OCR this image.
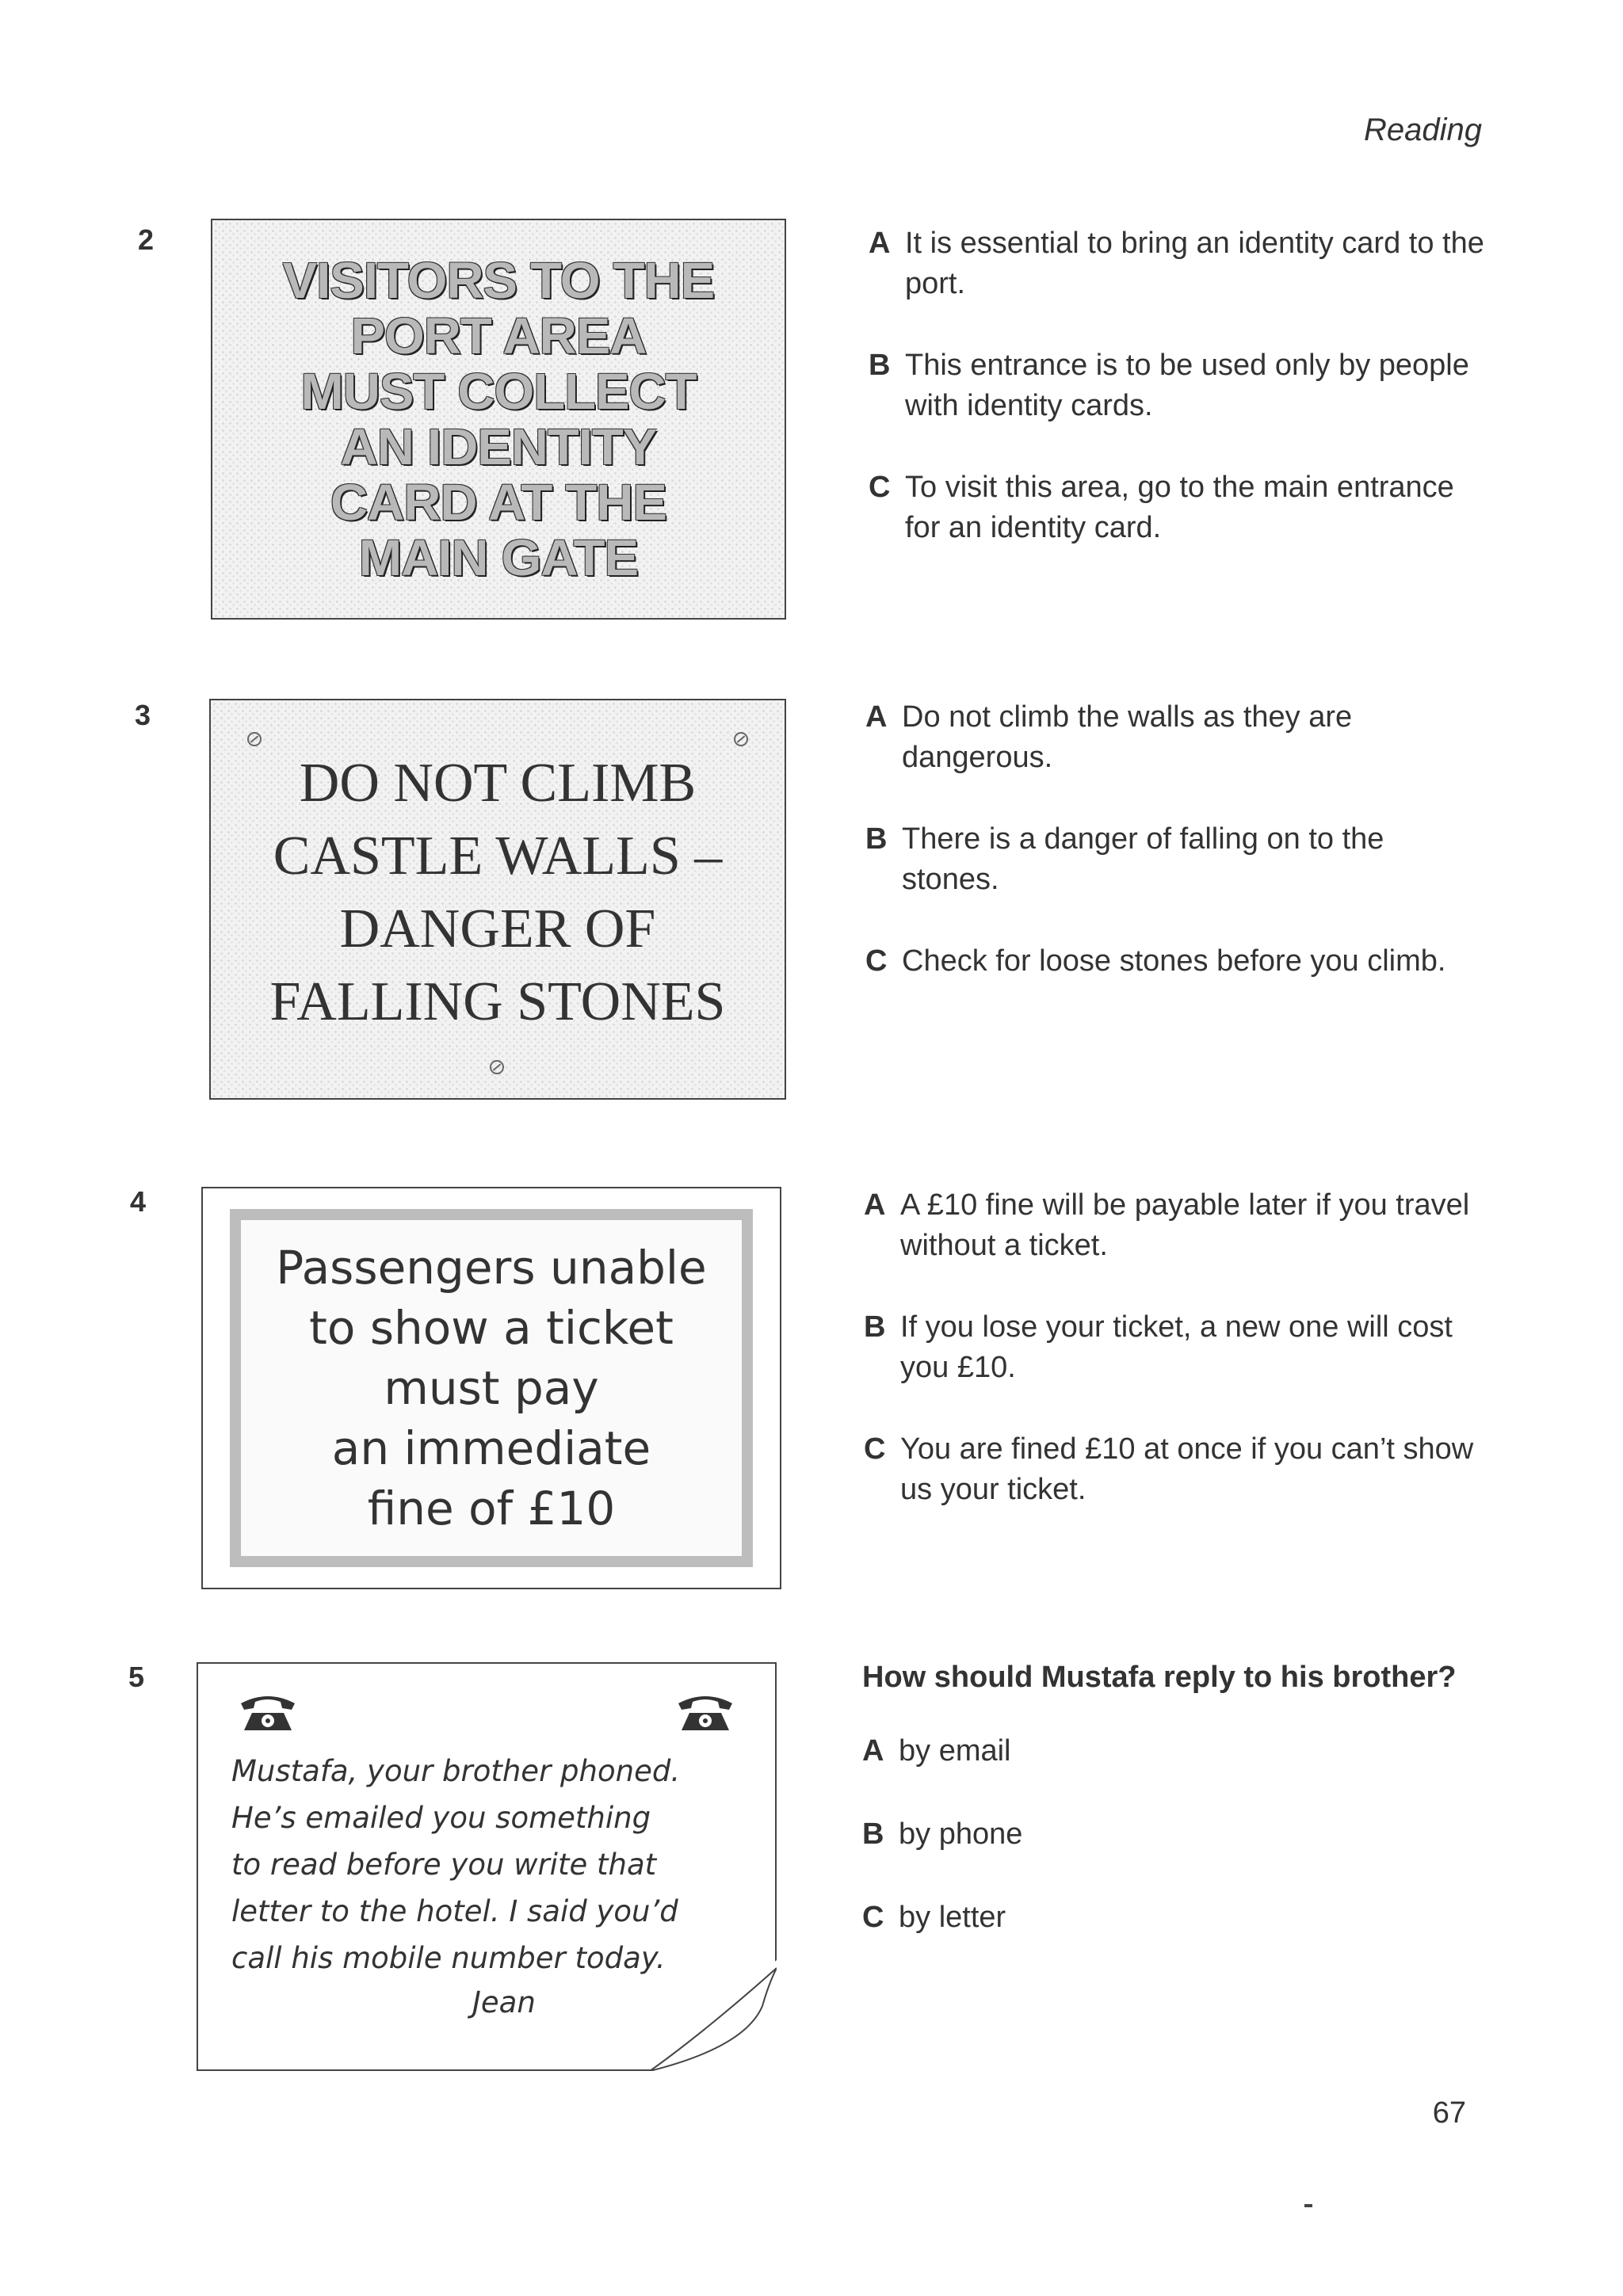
Reading
2
VISITORS TO THE
PORT AREA
MUST COLLECT
AN IDENTITY
CARD AT THE
MAIN GATE
A It is essential to bring an identity card to the port.
B This entrance is to be used only by people with identity cards.
C To visit this area, go to the main entrance for an identity card.
3
DO NOT CLIMB
CASTLE WALLS –
DANGER OF
FALLING STONES
A Do not climb the walls as they are dangerous.
B There is a danger of falling on to the stones.
C Check for loose stones before you climb.
4
Passengers unable
to show a ticket
must pay
an immediate
fine of £10
A A £10 fine will be payable later if you travel without a ticket.
B If you lose your ticket, a new one will cost you £10.
C You are fined £10 at once if you can’t show us your ticket.
5
Mustafa, your brother phoned.
He’s emailed you something
to read before you write that
letter to the hotel. I said you’d
call his mobile number today.
Jean
How should Mustafa reply to his brother?
A by email
B by phone
C by letter
67
